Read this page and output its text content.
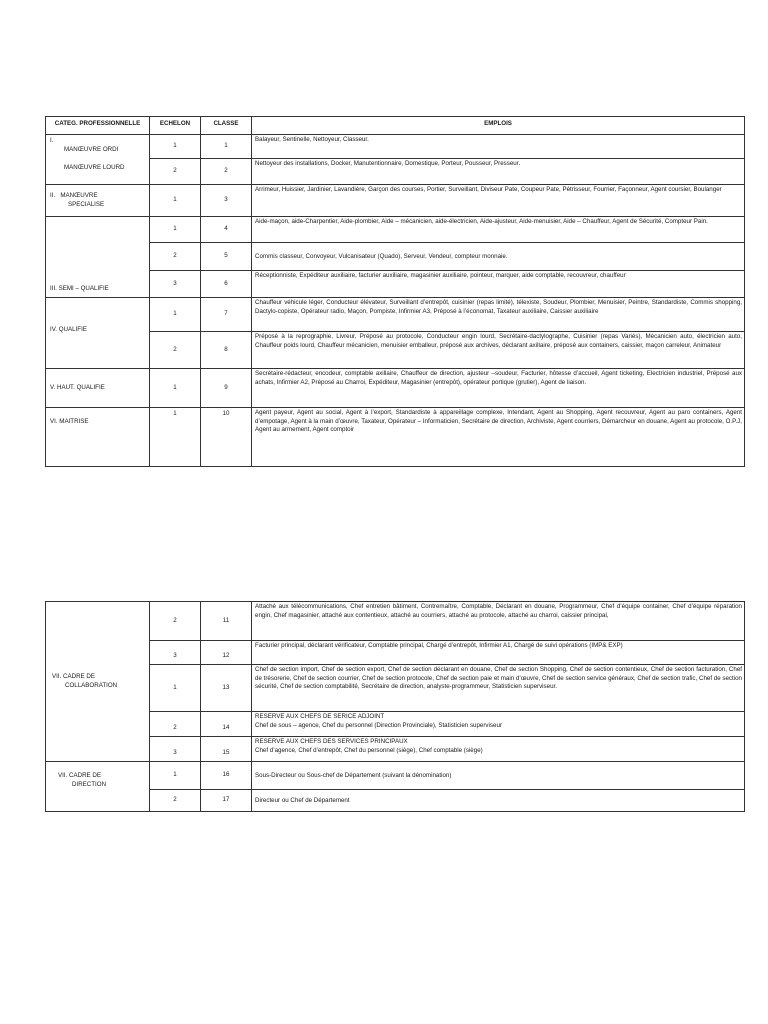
CATEG. PROFESSIONNELLE	ECHELON	CLASSE	EMPLOIS
I.
MANŒUVRE ORDI
MANŒUVRE LOURD	1	1	Balayeur, Sentinelle, Nettoyeur, Classeur.
	2	2	Nettoyeur des installations, Docker, Manutentionnaire, Domestique, Porteur, Pousseur, Presseur.
II. MANŒUVRE
SPECIALISE	1	3	Arrimeur, Huissier, Jardinier, Lavandière, Garçon des courses, Portier, Surveillant, Diviseur Pate, Coupeur Pate, Pétrisseur, Fourrier, Façonneur, Agent coursier, Boulanger
III. SEMI – QUALIFIE	1	4	Aide-maçon, aide-Charpentier, Aide-plombier, Aide – mécanicien, aide-électricien, Aide-ajusteur, Aide-menuisier, Aide – Chauffeur, Agent de Sécurité, Compteur Pain.
	2	5	Commis classeur, Convoyeur, Vulcanisateur (Quado), Serveur, Vendeur, compteur monnaie.
	3	6	Réceptionniste, Expéditeur auxiliaire, facturier auxiliaire, magasinier auxiliaire, pointeur, marquer, aide comptable, recouvreur, chauffeur
IV. QUALIFIE	1	7	Chauffeur véhicule léger, Conducteur élévateur, Surveillant d’entrepôt, cuisinier (repas limité), télexiste, Soudeur, Plombier, Menuisier, Peintre, Standardiste, Commis shopping, Dactylo-copiste, Opérateur radio, Maçon, Pompiste, Infirmier A3, Préposé à l’économat, Taxateur auxiliaire, Caissier auxiliaire
	2	8	Préposé à la reprographie, Livreur, Préposé au protocole, Conducteur engin lourd, Secrétaire-dactylographe, Cuisinier (repas Variés), Mécanicien auto, électricien auto, Chauffeur poids lourd, Chauffeur mécanicien, menuisier emballeur, préposé aux archives, déclarant axillaire, préposé aux containers, caissier, maçon carreleur, Animateur
V. HAUT. QUALIFIE	1	9	Secrétaire-rédacteur, encodeur, comptable axillaire, Chauffeur de direction, ajusteur –soudeur, Facturier, hôtesse d’accueil, Agent ticketing, Electricien industriel, Préposé aux achats, Infirmier A2, Préposé au Charroi, Expéditeur, Magasinier (entrepôt), opérateur portique (grutier), Agent de liaison.
VI. MAITRISE	1	10	Agent payeur, Agent au social, Agent à l’export, Standardiste à appareillage complexe, Intendant, Agent au Shopping, Agent recouvreur, Agent au paro containers, Agent d’empotage, Agent à la main d’œuvre, Taxateur, Opérateur – Informaticien, Secrétaire de direction, Archiviste, Agent courriers, Démarcheur en douane, Agent au protocole, O.P.J, Agent au armement, Agent comptoir
VII. CADRE DE
COLLABORATION	2	11	Attaché aux télécommunications, Chef entretien bâtiment, Contremaître, Comptable, Déclarant en douane, Programmeur, Chef d’équipe container, Chef d’équipe réparation engin, Chef magasinier, attaché aux contentieux, attaché au courriers, attaché au protocole, attaché au charroi, caissier principal,
	3	12	Facturier principal, déclarant vérificateur, Comptable principal, Chargé d’entrepôt, Infirmier A1, Chargé de suivi opérations (IMP& EXP)
	1	13	Chef de section import, Chef de section export, Chef de section déclarant en douane, Chef de section Shopping, Chef de section contentieux, Chef de section facturation, Chef de trésorerie, Chef de section courrier, Chef de section protocole, Chef de section paie et main d’œuvre, Chef de section service généraux, Chef de section trafic, Chef de section sécurité, Chef de section comptabilité, Secrétaire de direction, analyste-programmeur, Statisticien superviseur.
	2	14	RESERVE AUX CHEFS DE SERICE ADJOINT
Chef de sous – agence, Chef du personnel (Direction Provinciale), Statisticien superviseur

	3	15	RESERVE AUX CHEFS DES SERVICES PRINCIPAUX
Chef d’agence, Chef d’entrepôt, Chef du personnel (siège), Chef comptable (siège)

VII. CADRE DE
DIRECTION	1	16	Sous-Directeur ou Sous-chef de Département (suivant la dénomination)
	2	17	Directeur ou Chef de Département
